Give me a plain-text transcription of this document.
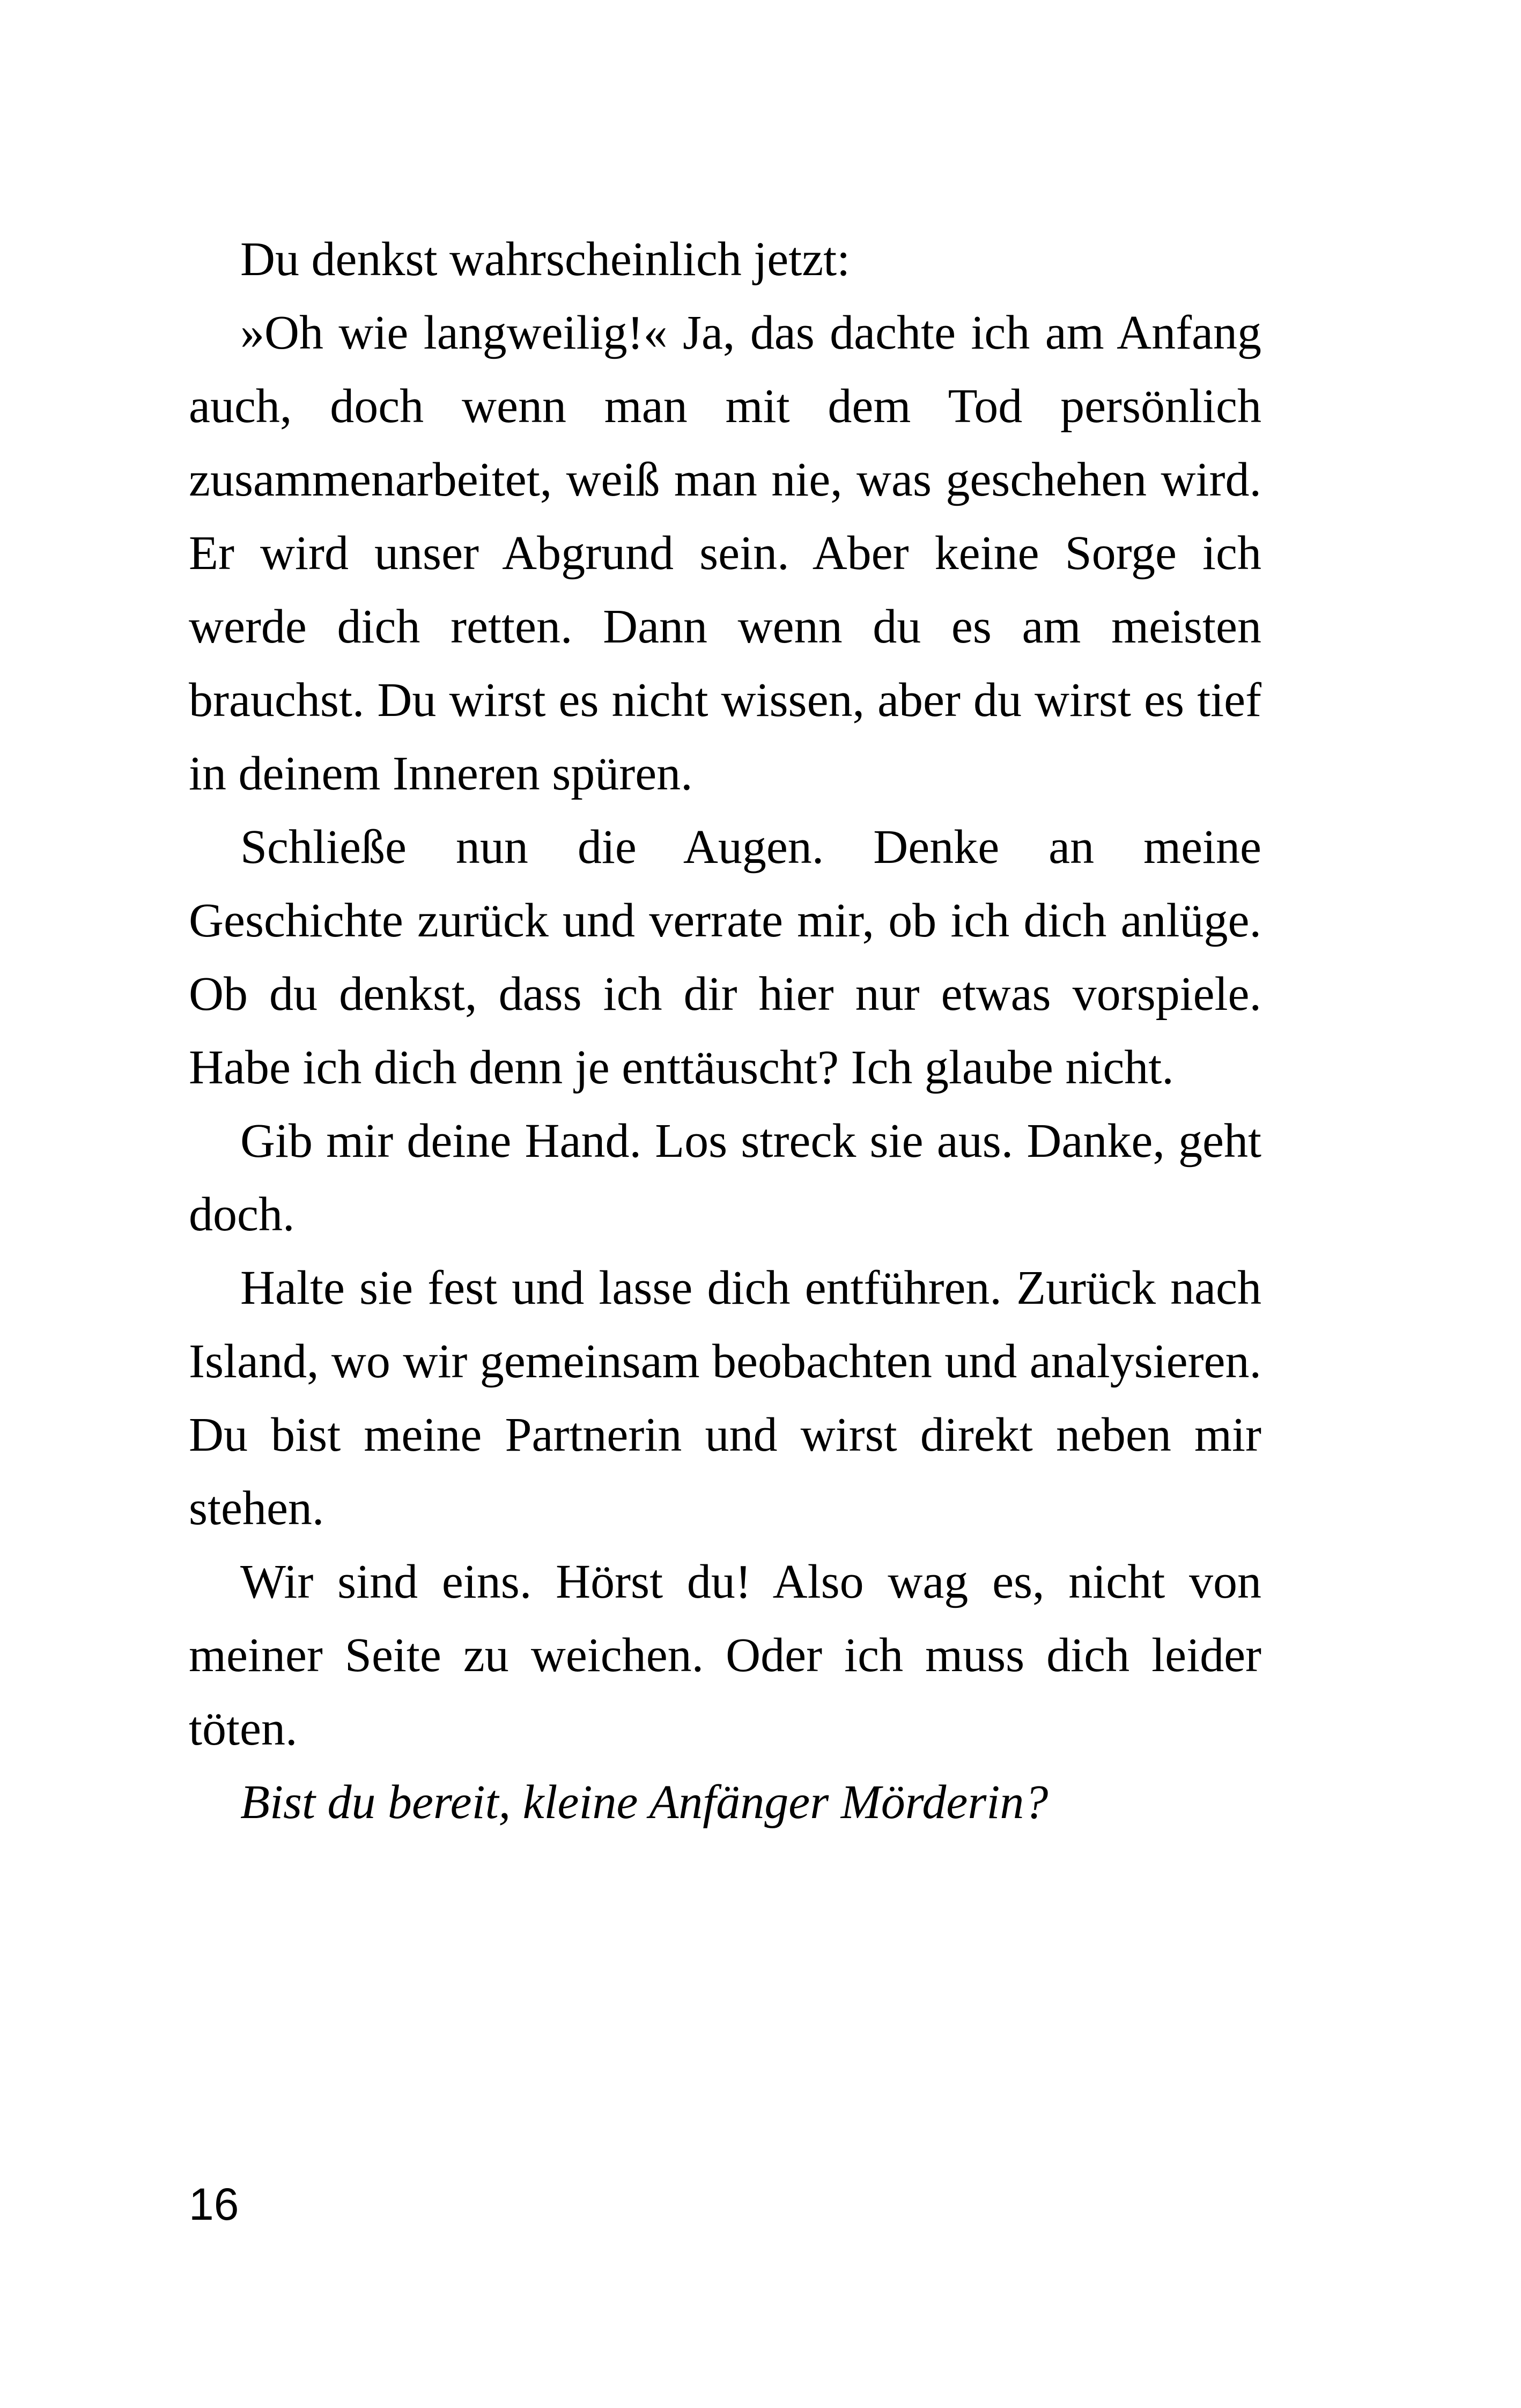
Du denkst wahrscheinlich jetzt:

»Oh wie langweilig!« Ja, das dachte ich am Anfang auch, doch wenn man mit dem Tod persönlich zusammenarbeitet, weiß man nie, was geschehen wird. Er wird unser Abgrund sein. Aber keine Sorge ich werde dich retten. Dann wenn du es am meisten brauchst. Du wirst es nicht wissen, aber du wirst es tief in deinem Inneren spüren.

Schließe nun die Augen. Denke an meine Geschichte zurück und verrate mir, ob ich dich anlüge. Ob du denkst, dass ich dir hier nur etwas vorspiele. Habe ich dich denn je enttäuscht? Ich glaube nicht.

Gib mir deine Hand. Los streck sie aus. Danke, geht doch.

Halte sie fest und lasse dich entführen. Zurück nach Island, wo wir gemeinsam beobachten und analysieren. Du bist meine Partnerin und wirst direkt neben mir stehen.

Wir sind eins. Hörst du! Also wag es, nicht von meiner Seite zu weichen. Oder ich muss dich leider töten.

Bist du bereit, kleine Anfänger Mörderin?

16
